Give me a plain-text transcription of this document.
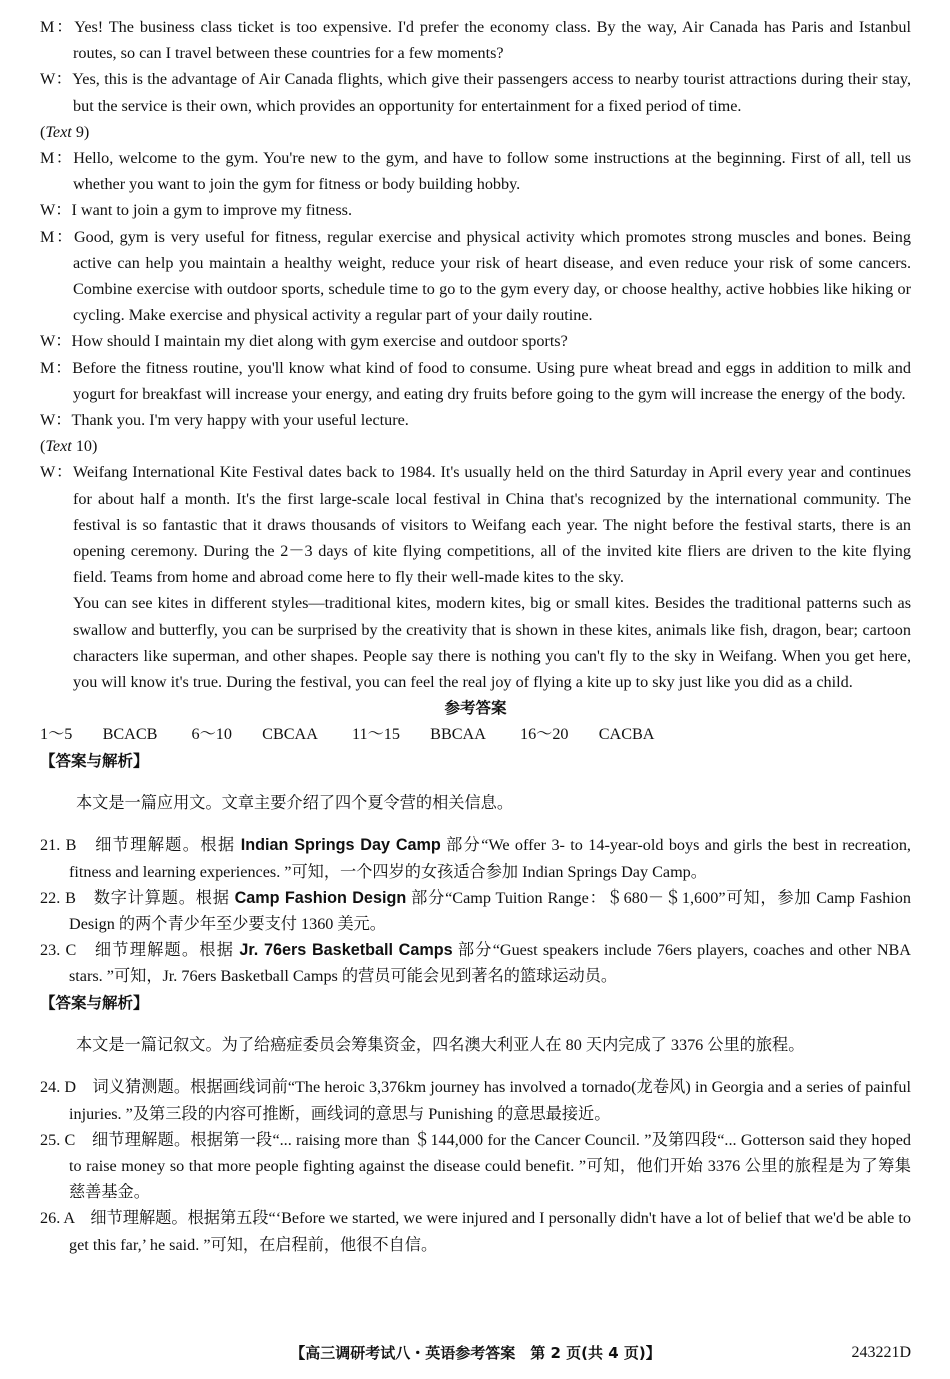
M：Yes! The business class ticket is too expensive. I'd prefer the economy class. By the way, Air Canada has Paris and Istanbul routes, so can I travel between these countries for a few moments?

W：Yes, this is the advantage of Air Canada flights, which give their passengers access to nearby tourist attractions during their stay, but the service is their own, which provides an opportunity for entertainment for a fixed period of time.

(Text 9)

M：Hello, welcome to the gym. You're new to the gym, and have to follow some instructions at the beginning. First of all, tell us whether you want to join the gym for fitness or body building hobby.

W：I want to join a gym to improve my fitness.

M：Good, gym is very useful for fitness, regular exercise and physical activity which promotes strong muscles and bones. Being active can help you maintain a healthy weight, reduce your risk of heart disease, and even reduce your risk of some cancers. Combine exercise with outdoor sports, schedule time to go to the gym every day, or choose healthy, active hobbies like hiking or cycling. Make exercise and physical activity a regular part of your daily routine.

W：How should I maintain my diet along with gym exercise and outdoor sports?

M：Before the fitness routine, you'll know what kind of food to consume. Using pure wheat bread and eggs in addition to milk and yogurt for breakfast will increase your energy, and eating dry fruits before going to the gym will increase the energy of the body.

W：Thank you. I'm very happy with your useful lecture.

(Text 10)

W：Weifang International Kite Festival dates back to 1984. It's usually held on the third Saturday in April every year and continues for about half a month. It's the first large-scale local festival in China that's recognized by the international community. The festival is so fantastic that it draws thousands of visitors to Weifang each year. The night before the festival starts, there is an opening ceremony. During the 2－3 days of kite flying competitions, all of the invited kite fliers are driven to the kite flying field. Teams from home and abroad come here to fly their well-made kites to the sky.

You can see kites in different styles—traditional kites, modern kites, big or small kites. Besides the traditional patterns such as swallow and butterfly, you can be surprised by the creativity that is shown in these kites, animals like fish, dragon, bear; cartoon characters like superman, and other shapes. People say there is nothing you can't fly to the sky in Weifang. When you get here, you will know it's true. During the festival, you can feel the real joy of flying a kite up to sky just like you did as a child.

参考答案
1～5　 BCACB 6～10　 CBCAA 11～15　 BBCAA 16～20　 CACBA
【答案与解析】

本文是一篇应用文。文章主要介绍了四个夏令营的相关信息。

21. B　细节理解题。根据 Indian Springs Day Camp 部分“We offer 3- to 14-year-old boys and girls the best in recreation, fitness and learning experiences. ”可知，一个四岁的女孩适合参加 Indian Springs Day Camp。

22. B　数字计算题。根据 Camp Fashion Design 部分“Camp Tuition Range：＄680－＄1,600”可知，参加 Camp Fashion Design 的两个青少年至少要支付 1360 美元。

23. C　细节理解题。根据 Jr. 76ers Basketball Camps 部分“Guest speakers include 76ers players, coaches and other NBA stars. ”可知，Jr. 76ers Basketball Camps 的营员可能会见到著名的篮球运动员。

【答案与解析】

本文是一篇记叙文。为了给癌症委员会筹集资金，四名澳大利亚人在 80 天内完成了 3376 公里的旅程。

24. D　词义猜测题。根据画线词前“The heroic 3,376km journey has involved a tornado(龙卷风) in Georgia and a series of painful injuries. ”及第三段的内容可推断，画线词的意思与 Punishing 的意思最接近。

25. C　细节理解题。根据第一段“... raising more than ＄144,000 for the Cancer Council. ”及第四段“... Gotterson said they hoped to raise money so that more people fighting against the disease could benefit. ”可知，他们开始 3376 公里的旅程是为了筹集慈善基金。

26. A　细节理解题。根据第五段“‘Before we started, we were injured and I personally didn't have a lot of belief that we'd be able to get this far,’ he said. ”可知，在启程前，他很不自信。

【高三调研考试八・英语参考答案　第 2 页(共 4 页)】	243221D
